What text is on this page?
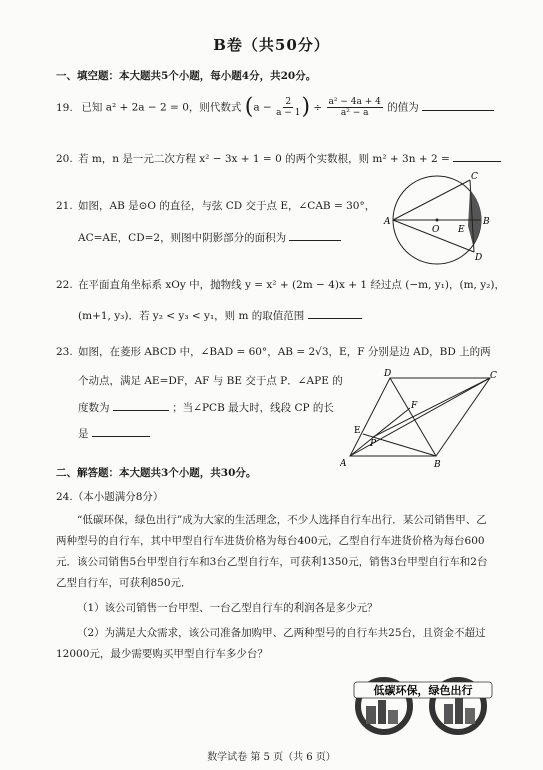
B卷（共50分）
一、填空题：本大题共5个小题，每小题4分，共20分。
19. 已知 a² + 2a − 2 = 0，则代数式 ($a - \frac{2}{a - 1}$ ) ÷ $\frac{\text{a² − 4a + 4}}{\text{a² − a}}$ 的值为
20. 若 m，n 是一元二次方程 x² − 3x + 1 = 0 的两个实数根，则 m² + 3n + 2 =
21. 如图，AB 是⊙O 的直径，与弦 CD 交于点 E，∠CAB = 30°，
AC=AE，CD=2，则图中阴影部分的面积为
A	B
C
D
O E
22. 在平面直角坐标系 xOy 中，抛物线 y = x² + (2m − 4)x + 1 经过点 (−m, y₁)，(m, y₂)，
(m+1, y₃)．若 y₂ < y₃ < y₁，则 m 的取值范围
23. 如图，在菱形 ABCD 中，∠BAD = 60°，AB = 2√3，E，F 分别是边 AD，BD 上的两
个动点，满足 AE=DF，AF 与 BE 交于点 P．∠APE 的
度数为	；当∠PCB 最大时，线段 CP 的长
是
A	B
C
D
E
F
P
二、解答题：本大题共3个小题，共30分。
24.（本小题满分8分）
“低碳环保，绿色出行”成为大家的生活理念，不少人选择自行车出行．某公司销售甲、乙两种型号的自行车，其中甲型自行车进货价格为每台400元，乙型自行车进货价格为每台600元．该公司销售5台甲型自行车和3台乙型自行车，可获利1350元，销售3台甲型自行车和2台乙型自行车，可获利850元．
（1）该公司销售一台甲型、一台乙型自行车的利润各是多少元？
（2）为满足大众需求，该公司准备加购甲、乙两种型号的自行车共25台，且资金不超过12000元，最少需要购买甲型自行车多少台？
低碳环保，绿色出行
数学试卷 第 5 页（共 6 页）
